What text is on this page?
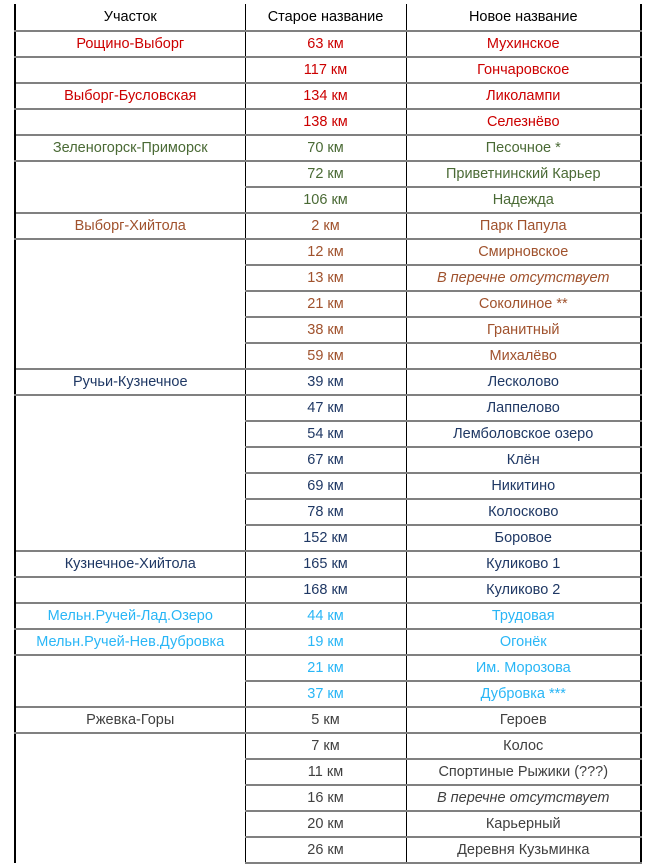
Участок	Старое название	Новое название
Рощино-Выборг	63 км	Мухинское
	117 км	Гончаровское
Выборг-Бусловская	134 км	Ликолампи
	138 км	Селезнёво
Зеленогорск-Приморск	70 км	Песочное *
	72 км	Приветнинский Карьер
	106 км	Надежда
Выборг-Хийтола	2 км	Парк Папула
	12 км	Смирновское
	13 км	В перечне отсутствует
	21 км	Соколиное **
	38 км	Гранитный
	59 км	Михалёво
Ручьи-Кузнечное	39 км	Лесколово
	47 км	Лаппелово
	54 км	Лемболовское озеро
	67 км	Клён
	69 км	Никитино
	78 км	Колосково
	152 км	Боровое
Кузнечное-Хийтола	165 км	Куликово 1
	168 км	Куликово 2
Мельн.Ручей-Лад.Озеро	44 км	Трудовая
Мельн.Ручей-Нев.Дубровка	19 км	Огонёк
	21 км	Им. Морозова
	37 км	Дубровка ***
Ржевка-Горы	5 км	Героев
	7 км	Колос
	11 км	Спортиные Рыжики (???)
	16 км	В перечне отсутствует
	20 км	Карьерный
	26 км	Деревня Кузьминка
